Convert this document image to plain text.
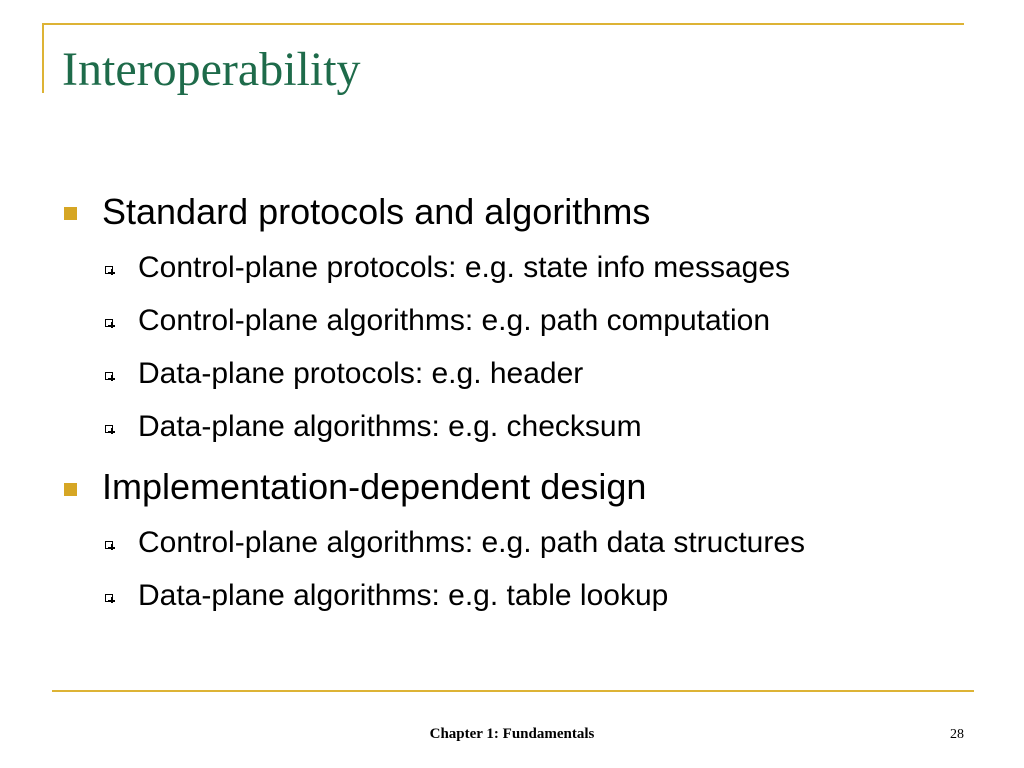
Interoperability
Standard protocols and algorithms
Control-plane protocols: e.g. state info messages
Control-plane algorithms: e.g. path computation
Data-plane protocols: e.g. header
Data-plane algorithms: e.g. checksum
Implementation-dependent design
Control-plane algorithms: e.g. path data structures
Data-plane algorithms: e.g. table lookup
Chapter 1: Fundamentals	28
